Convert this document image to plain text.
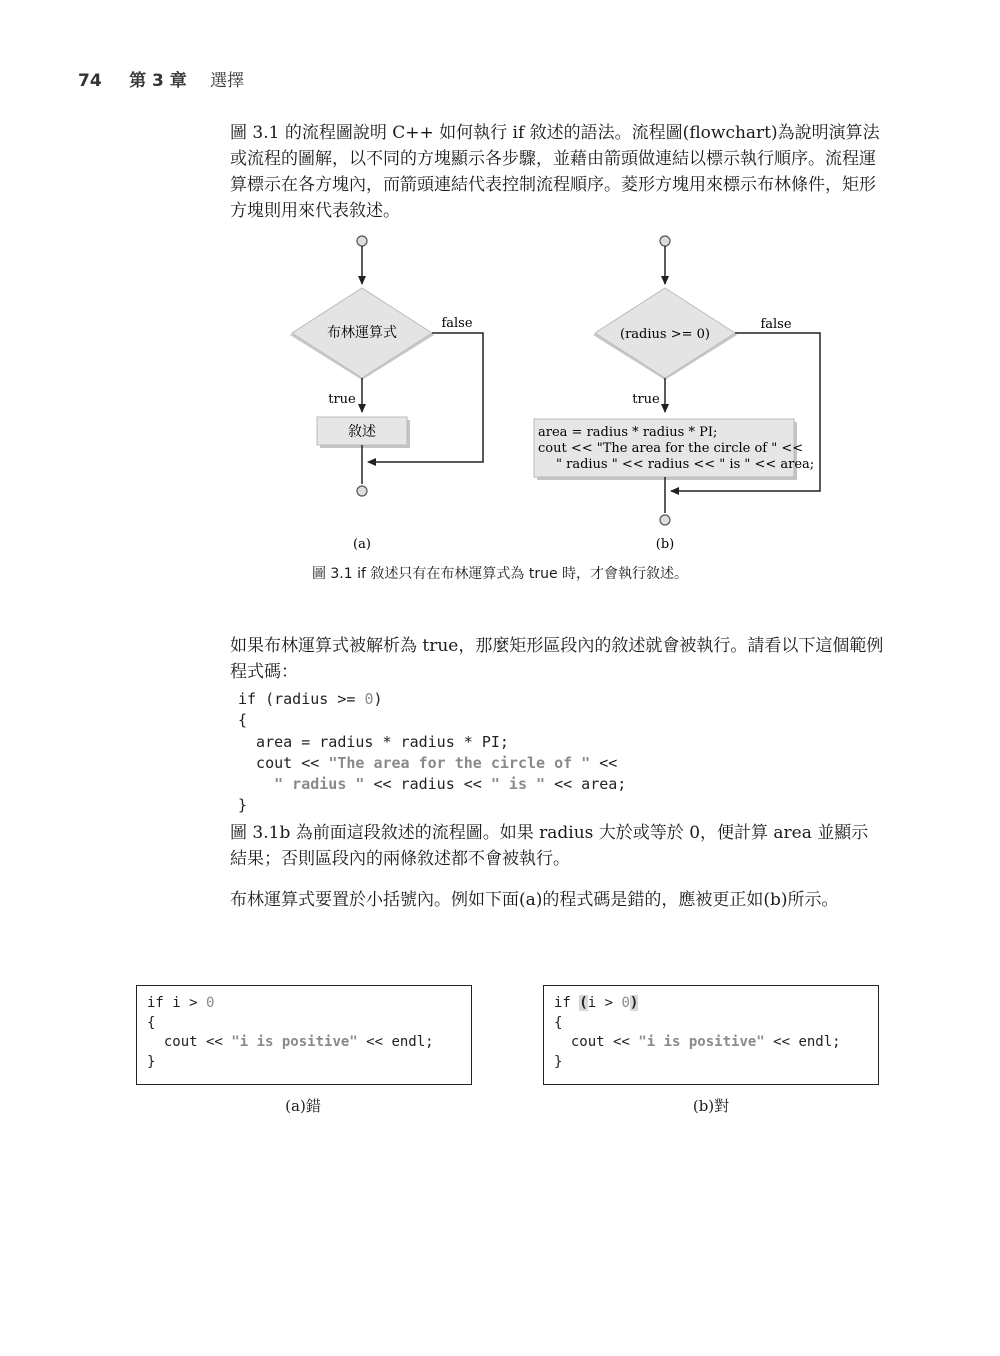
74 第 3 章 選擇
圖 3.1 的流程圖說明 C++ 如何執行 if 敘述的語法。流程圖(flowchart)為說明演算法或流程的圖解，以不同的方塊顯示各步驟，並藉由箭頭做連結以標示執行順序。流程運算標示在各方塊內，而箭頭連結代表控制流程順序。菱形方塊用來標示布林條件，矩形方塊則用來代表敘述。
布林運算式
false
true
敘述
(a)
(radius >= 0)
false
true
area = radius * radius * PI;
cout << "The area for the circle of " <<
" radius " << radius << " is " << area;
(b)
圖 3.1 if 敘述只有在布林運算式為 true 時，才會執行敘述。
如果布林運算式被解析為 true，那麼矩形區段內的敘述就會被執行。請看以下這個範例程式碼：
if (radius >= 0)
{
area = radius * radius * PI;
cout << "The area for the circle of " <<
" radius " << radius << " is " << area;
}
圖 3.1b 為前面這段敘述的流程圖。如果 radius 大於或等於 0，便計算 area 並顯示結果；否則區段內的兩條敘述都不會被執行。
布林運算式要置於小括號內。例如下面(a)的程式碼是錯的，應被更正如(b)所示。
if i > 0
{
cout << "i is positive" << endl;
}
(a)錯
if (i > 0)
{
cout << "i is positive" << endl;
}
(b)對
